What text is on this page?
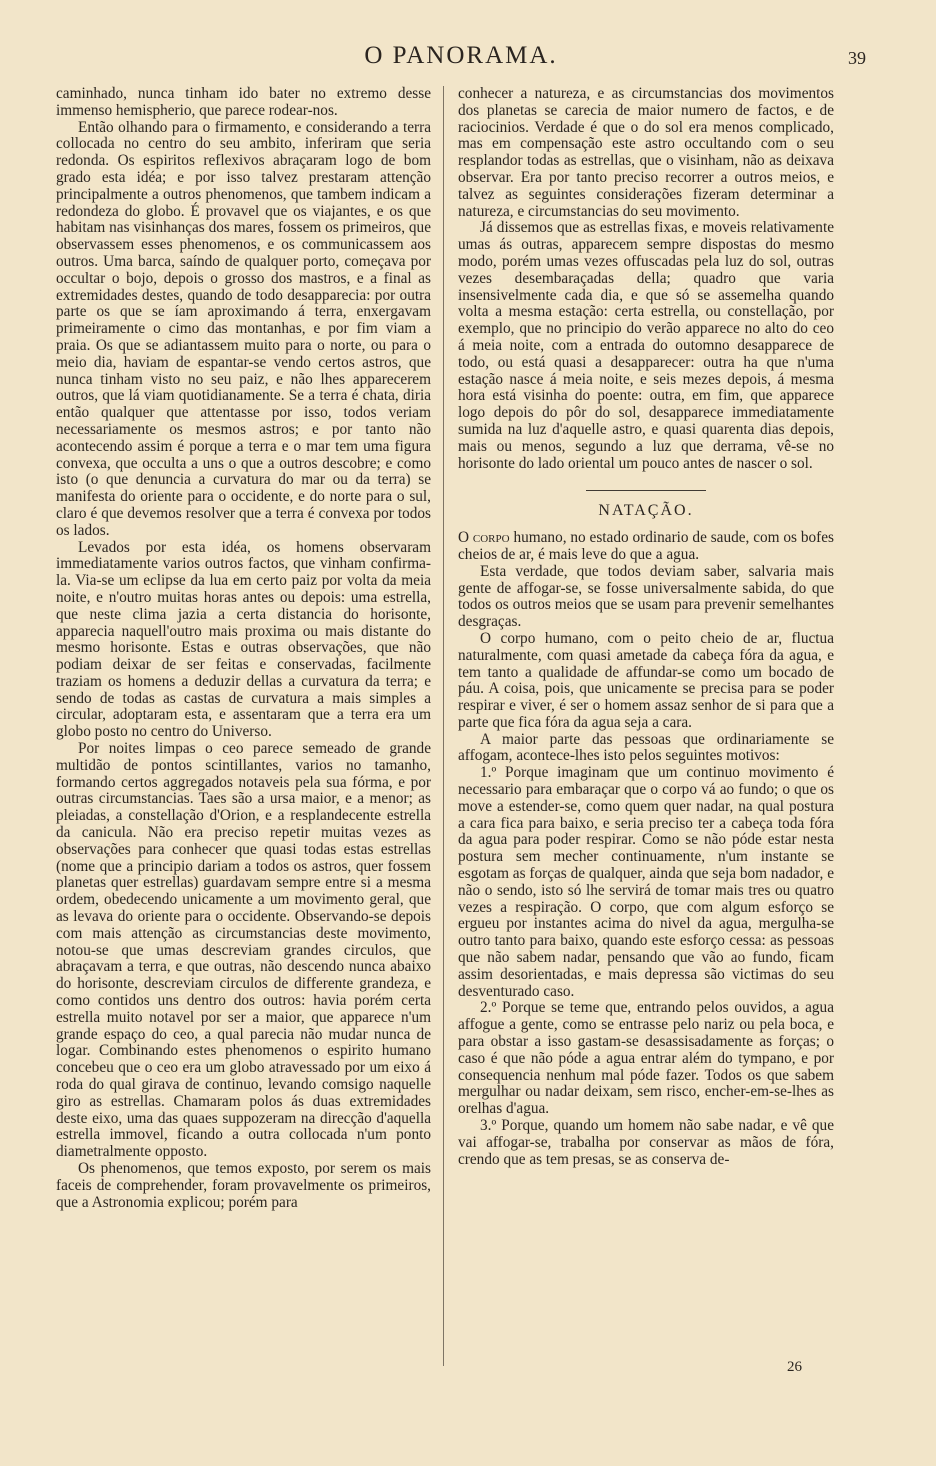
O PANORAMA.	39

caminhado, nunca tinham ido bater no extremo desse immenso hemispherio, que parece rodear-nos.

Então olhando para o firmamento, e considerando a terra collocada no centro do seu ambito, inferiram que seria redonda. Os espiritos reflexivos abraçaram logo de bom grado esta idéa; e por isso talvez prestaram attenção principalmente a outros phenomenos, que tambem indicam a redondeza do globo. É provavel que os viajantes, e os que habitam nas visinhanças dos mares, fossem os primeiros, que observassem esses phenomenos, e os communicassem aos outros. Uma barca, saíndo de qualquer porto, começava por occultar o bojo, depois o grosso dos mastros, e a final as extremidades destes, quando de todo desapparecia: por outra parte os que se íam aproximando á terra, enxergavam primeiramente o cimo das montanhas, e por fim viam a praia. Os que se adiantassem muito para o norte, ou para o meio dia, haviam de espantar-se vendo certos astros, que nunca tinham visto no seu paiz, e não lhes apparecerem outros, que lá viam quotidianamente. Se a terra é chata, diria então qualquer que attentasse por isso, todos veriam necessariamente os mesmos astros; e por tanto não acontecendo assim é porque a terra e o mar tem uma figura convexa, que occulta a uns o que a outros descobre; e como isto (o que denuncia a curvatura do mar ou da terra) se manifesta do oriente para o occidente, e do norte para o sul, claro é que devemos resolver que a terra é convexa por todos os lados.

Levados por esta idéa, os homens observaram immediatamente varios outros factos, que vinham confirma-la. Via-se um eclipse da lua em certo paiz por volta da meia noite, e n'outro muitas horas antes ou depois: uma estrella, que neste clima jazia a certa distancia do horisonte, apparecia naquell'outro mais proxima ou mais distante do mesmo horisonte. Estas e outras observações, que não podiam deixar de ser feitas e conservadas, facilmente traziam os homens a deduzir dellas a curvatura da terra; e sendo de todas as castas de curvatura a mais simples a circular, adoptaram esta, e assentaram que a terra era um globo posto no centro do Universo.

Por noites limpas o ceo parece semeado de grande multidão de pontos scintillantes, varios no tamanho, formando certos aggregados notaveis pela sua fórma, e por outras circumstancias. Taes são a ursa maior, e a menor; as pleiadas, a constellação d'Orion, e a resplandecente estrella da canicula. Não era preciso repetir muitas vezes as observações para conhecer que quasi todas estas estrellas (nome que a principio dariam a todos os astros, quer fossem planetas quer estrellas) guardavam sempre entre si a mesma ordem, obedecendo unicamente a um movimento geral, que as levava do oriente para o occidente. Observando-se depois com mais attenção as circumstancias deste movimento, notou-se que umas descreviam grandes circulos, que abraçavam a terra, e que outras, não descendo nunca abaixo do horisonte, descreviam circulos de differente grandeza, e como contidos uns dentro dos outros: havia porém certa estrella muito notavel por ser a maior, que apparece n'um grande espaço do ceo, a qual parecia não mudar nunca de logar. Combinando estes phenomenos o espirito humano concebeu que o ceo era um globo atravessado por um eixo á roda do qual girava de continuo, levando comsigo naquelle giro as estrellas. Chamaram polos ás duas extremidades deste eixo, uma das quaes suppozeram na direcção d'aquella estrella immovel, ficando a outra collocada n'um ponto diametralmente opposto.

Os phenomenos, que temos exposto, por serem os mais faceis de comprehender, foram provavelmente os primeiros, que a Astronomia explicou; porém para

conhecer a natureza, e as circumstancias dos movimentos dos planetas se carecia de maior numero de factos, e de raciocinios. Verdade é que o do sol era menos complicado, mas em compensação este astro occultando com o seu resplandor todas as estrellas, que o visinham, não as deixava observar. Era por tanto preciso recorrer a outros meios, e talvez as seguintes considerações fizeram determinar a natureza, e circumstancias do seu movimento.

Já dissemos que as estrellas fixas, e moveis relativamente umas ás outras, apparecem sempre dispostas do mesmo modo, porém umas vezes offuscadas pela luz do sol, outras vezes desembaraçadas della; quadro que varia insensivelmente cada dia, e que só se assemelha quando volta a mesma estação: certa estrella, ou constellação, por exemplo, que no principio do verão apparece no alto do ceo á meia noite, com a entrada do outomno desapparece de todo, ou está quasi a desapparecer: outra ha que n'uma estação nasce á meia noite, e seis mezes depois, á mesma hora está visinha do poente: outra, em fim, que apparece logo depois do pôr do sol, desapparece immediatamente sumida na luz d'aquelle astro, e quasi quarenta dias depois, mais ou menos, segundo a luz que derrama, vê-se no horisonte do lado oriental um pouco antes de nascer o sol.

NATAÇÃO.

O corpo humano, no estado ordinario de saude, com os bofes cheios de ar, é mais leve do que a agua.

Esta verdade, que todos deviam saber, salvaria mais gente de affogar-se, se fosse universalmente sabida, do que todos os outros meios que se usam para prevenir semelhantes desgraças.

O corpo humano, com o peito cheio de ar, fluctua naturalmente, com quasi ametade da cabeça fóra da agua, e tem tanto a qualidade de affundar-se como um bocado de páu. A coisa, pois, que unicamente se precisa para se poder respirar e viver, é ser o homem assaz senhor de si para que a parte que fica fóra da agua seja a cara.

A maior parte das pessoas que ordinariamente se affogam, acontece-lhes isto pelos seguintes motivos:

1.º Porque imaginam que um continuo movimento é necessario para embaraçar que o corpo vá ao fundo; o que os move a estender-se, como quem quer nadar, na qual postura a cara fica para baixo, e seria preciso ter a cabeça toda fóra da agua para poder respirar. Como se não póde estar nesta postura sem mecher continuamente, n'um instante se esgotam as forças de qualquer, ainda que seja bom nadador, e não o sendo, isto só lhe servirá de tomar mais tres ou quatro vezes a respiração. O corpo, que com algum esforço se ergueu por instantes acima do nivel da agua, mergulha-se outro tanto para baixo, quando este esforço cessa: as pessoas que não sabem nadar, pensando que vão ao fundo, ficam assim desorientadas, e mais depressa são victimas do seu desventurado caso.

2.º Porque se teme que, entrando pelos ouvidos, a agua affogue a gente, como se entrasse pelo nariz ou pela boca, e para obstar a isso gastam-se desassisadamente as forças; o caso é que não póde a agua entrar além do tympano, e por consequencia nenhum mal póde fazer. Todos os que sabem mergulhar ou nadar deixam, sem risco, encher-em-se-lhes as orelhas d'agua.

3.º Porque, quando um homem não sabe nadar, e vê que vai affogar-se, trabalha por conservar as mãos de fóra, crendo que as tem presas, se as conserva de-

26
